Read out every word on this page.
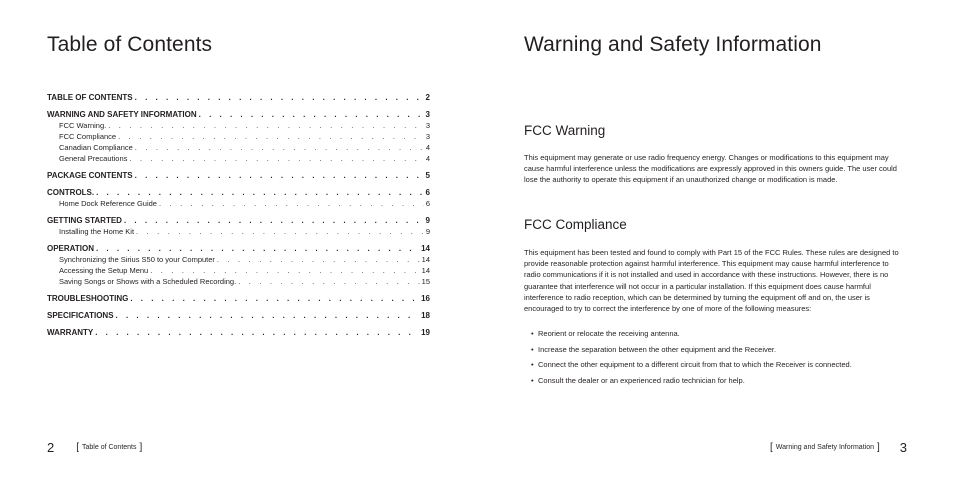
Table of Contents
TABLE OF CONTENTS . . .	2
WARNING AND SAFETY INFORMATION . . .	3
FCC Warning. . . .	3
FCC Compliance . . .	3
Canadian Compliance . . .	4
General Precautions . . .	4
PACKAGE CONTENTS . . .	5
CONTROLS. . . .	6
Home Dock Reference Guide . . .	6
GETTING STARTED . . .	9
Installing the Home Kit . . .	9
OPERATION . . .	14
Synchronizing the Sirius S50 to your Computer . . .	14
Accessing the Setup Menu . . .	14
Saving Songs or Shows with a Scheduled Recording. . . .	15
TROUBLESHOOTING . . .	16
SPECIFICATIONS . . .	18
WARRANTY . . .	19
2 [ Table of Contents ]
Warning and Safety Information
FCC Warning

This equipment may generate or use radio frequency energy. Changes or modifications to this equipment may cause harmful interference unless the modifications are expressly approved in this owners guide. The user could lose the authority to operate this equipment if an unauthorized change or modification is made.

FCC Compliance

This equipment has been tested and found to comply with Part 15 of the FCC Rules. These rules are designed to provide reasonable protection against harmful interference. This equipment may cause harmful interference to radio communications if it is not installed and used in accordance with these instructions. However, there is no guarantee that interference will not occur in a particular installation. If this equipment does cause harmful interference to radio reception, which can be determined by turning the equipment off and on, the user is encouraged to try to correct the interference by one of more of the following measures:

• Reorient or relocate the receiving antenna.
• Increase the separation between the other equipment and the Receiver.
• Connect the other equipment to a different circuit from that to which the Receiver is connected.
• Consult the dealer or an experienced radio technician for help.
[ Warning and Safety Information ] 3
